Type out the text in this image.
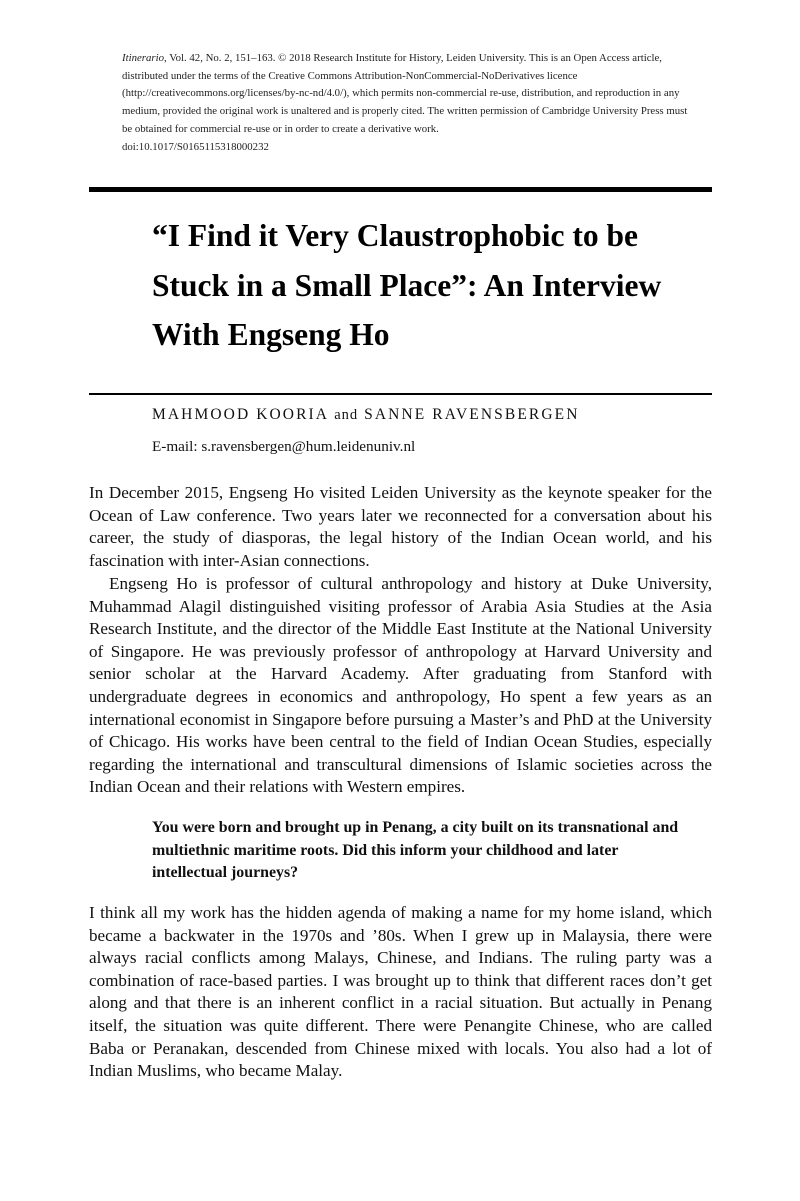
Itinerario, Vol. 42, No. 2, 151–163. © 2018 Research Institute for History, Leiden University. This is an Open Access article, distributed under the terms of the Creative Commons Attribution-NonCommercial-NoDerivatives licence (http://creativecommons.org/licenses/by-nc-nd/4.0/), which permits non-commercial re-use, distribution, and reproduction in any medium, provided the original work is unaltered and is properly cited. The written permission of Cambridge University Press must be obtained for commercial re-use or in order to create a derivative work.
doi:10.1017/S0165115318000232
“I Find it Very Claustrophobic to be Stuck in a Small Place”: An Interview With Engseng Ho
MAHMOOD KOORIA and SANNE RAVENSBERGEN
E-mail: s.ravensbergen@hum.leidenuniv.nl

In December 2015, Engseng Ho visited Leiden University as the keynote speaker for the Ocean of Law conference. Two years later we reconnected for a conversation about his career, the study of diasporas, the legal history of the Indian Ocean world, and his fascination with inter-Asian connections.

Engseng Ho is professor of cultural anthropology and history at Duke University, Muhammad Alagil distinguished visiting professor of Arabia Asia Studies at the Asia Research Institute, and the director of the Middle East Institute at the National University of Singapore. He was previously professor of anthropology at Harvard University and senior scholar at the Harvard Academy. After graduating from Stanford with undergraduate degrees in economics and anthropology, Ho spent a few years as an international economist in Singapore before pursuing a Master’s and PhD at the University of Chicago. His works have been central to the field of Indian Ocean Studies, especially regarding the international and transcultural dimensions of Islamic societies across the Indian Ocean and their relations with Western empires.

You were born and brought up in Penang, a city built on its transnational and multiethnic maritime roots. Did this inform your childhood and later intellectual journeys?

I think all my work has the hidden agenda of making a name for my home island, which became a backwater in the 1970s and ’80s. When I grew up in Malaysia, there were always racial conflicts among Malays, Chinese, and Indians. The ruling party was a combination of race-based parties. I was brought up to think that different races don’t get along and that there is an inherent conflict in a racial situation. But actually in Penang itself, the situation was quite different. There were Penangite Chinese, who are called Baba or Peranakan, descended from Chinese mixed with locals. You also had a lot of Indian Muslims, who became Malay.
